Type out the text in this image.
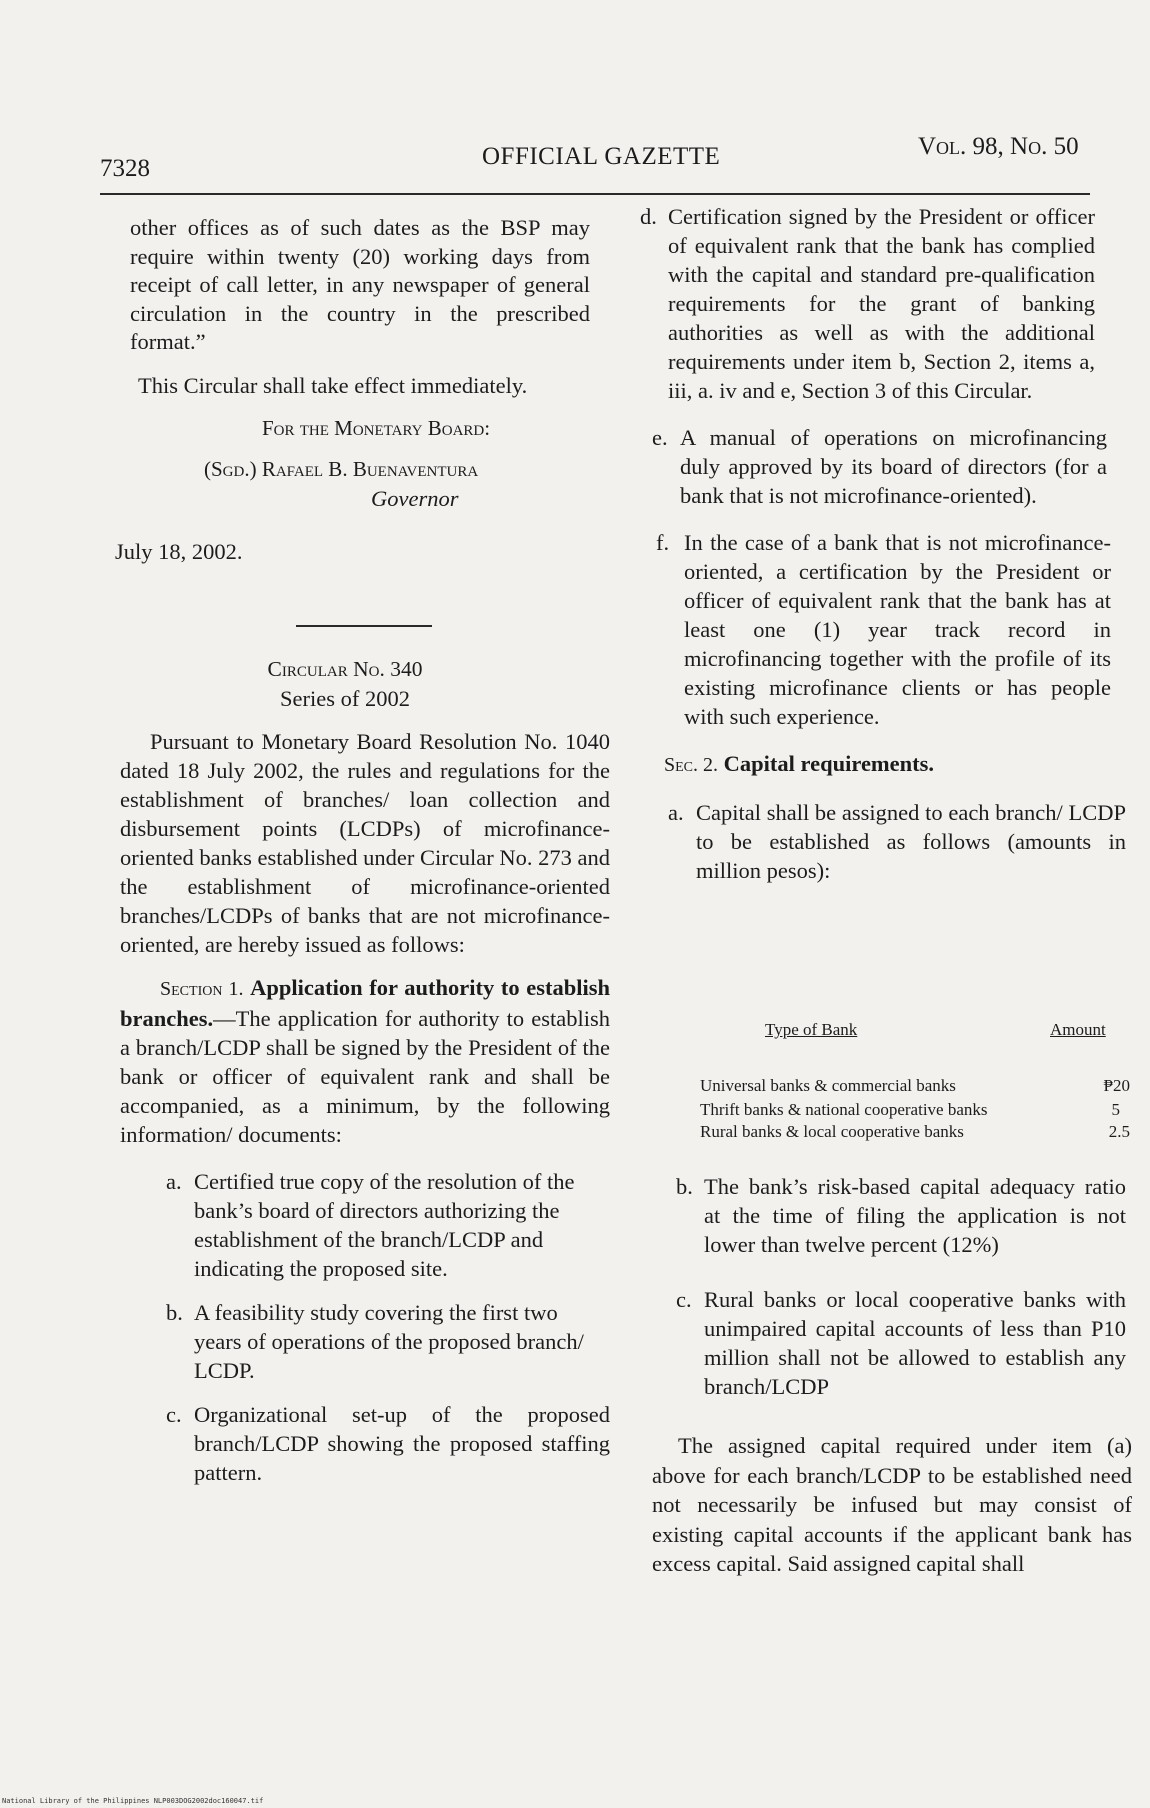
7328	OFFICIAL GAZETTE	Vol. 98, No. 50

other offices as of such dates as the BSP may require within twenty (20) working days from receipt of call letter, in any newspaper of general circulation in the country in the prescribed format.”

This Circular shall take effect immediately.

For the Monetary Board:

(Sgd.) Rafael B. Buenaventura

Governor

July 18, 2002.

Circular No. 340

Series of 2002

Pursuant to Monetary Board Resolution No. 1040 dated 18 July 2002, the rules and regulations for the establishment of branches/ loan collection and disbursement points (LCDPs) of microfinance-oriented banks established under Circular No. 273 and the establishment of microfinance-oriented branches/LCDPs of banks that are not microfinance-oriented, are hereby issued as follows:

Section 1. Application for authority to establish branches.—The application for authority to establish a branch/LCDP shall be signed by the President of the bank or officer of equivalent rank and shall be accompanied, as a minimum, by the following information/ documents:

a. Certified true copy of the resolution of the bank’s board of directors authorizing the establishment of the branch/LCDP and indicating the proposed site.

b. A feasibility study covering the first two years of operations of the proposed branch/ LCDP.

c. Organizational set-up of the proposed branch/LCDP showing the proposed staffing pattern.

d. Certification signed by the President or officer of equivalent rank that the bank has complied with the capital and standard pre-qualification requirements for the grant of banking authorities as well as with the additional requirements under item b, Section 2, items a, iii, a. iv and e, Section 3 of this Circular.

e. A manual of operations on microfinancing duly approved by its board of directors (for a bank that is not microfinance-oriented).

f. In the case of a bank that is not microfinance-oriented, a certification by the President or officer of equivalent rank that the bank has at least one (1) year track record in microfinancing together with the profile of its existing microfinance clients or has people with such experience.

Sec. 2. Capital requirements.

a. Capital shall be assigned to each branch/ LCDP to be established as follows (amounts in million pesos):

Type of Bank	Amount
Universal banks & commercial banks	₱20
Thrift banks & national cooperative banks	5
Rural banks & local cooperative banks	2.5
b. The bank’s risk-based capital adequacy ratio at the time of filing the application is not lower than twelve percent (12%)

c. Rural banks or local cooperative banks with unimpaired capital accounts of less than P10 million shall not be allowed to establish any branch/LCDP

The assigned capital required under item (a) above for each branch/LCDP to be established need not necessarily be infused but may consist of existing capital accounts if the applicant bank has excess capital. Said assigned capital shall

National Library of the Philippines NLP003DOG2002doc160047.tif
